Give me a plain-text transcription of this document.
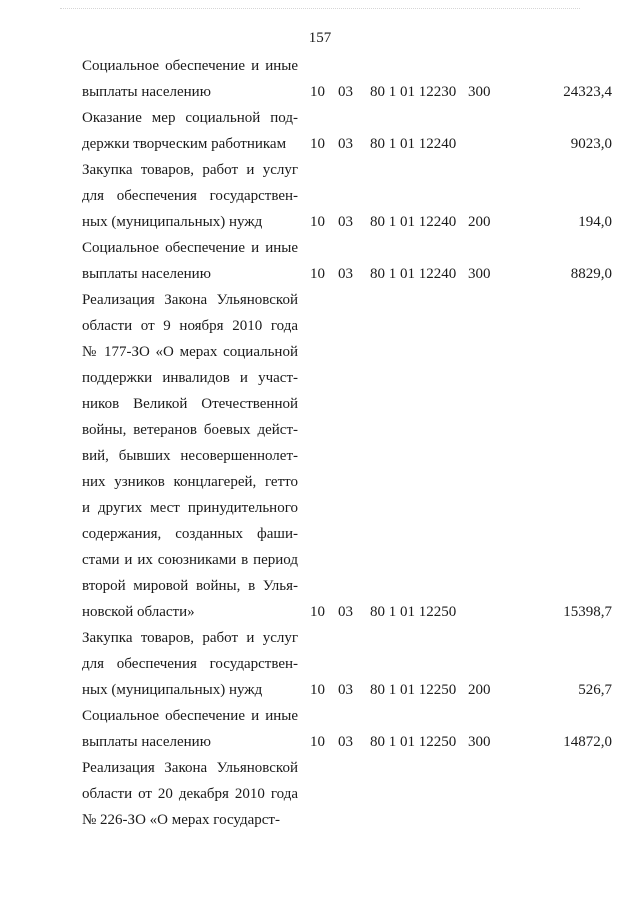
157
Социальное обеспечение и иные
выплаты населению	10 03 80 1 01 12230 300	24323,4
Оказание мер социальной под-
держки творческим работникам	10 03 80 1 01 12240	9023,0
Закупка товаров, работ и услуг
для обеспечения государствен-
ных (муниципальных) нужд	10 03 80 1 01 12240 200	194,0
Социальное обеспечение и иные
выплаты населению	10 03 80 1 01 12240 300	8829,0
Реализация Закона Ульяновской
области от 9 ноября 2010 года
№ 177-ЗО «О мерах социальной
поддержки инвалидов и участ-
ников Великой Отечественной
войны, ветеранов боевых дейст-
вий, бывших несовершеннолет-
них узников концлагерей, гетто
и других мест принудительного
содержания, созданных фаши-
стами и их союзниками в период
второй мировой войны, в Улья-
новской области»	10 03 80 1 01 12250	15398,7
Закупка товаров, работ и услуг
для обеспечения государствен-
ных (муниципальных) нужд	10 03 80 1 01 12250 200	526,7
Социальное обеспечение и иные
выплаты населению	10 03 80 1 01 12250 300	14872,0
Реализация Закона Ульяновской
области от 20 декабря 2010 года
№ 226-ЗО «О мерах государст-
